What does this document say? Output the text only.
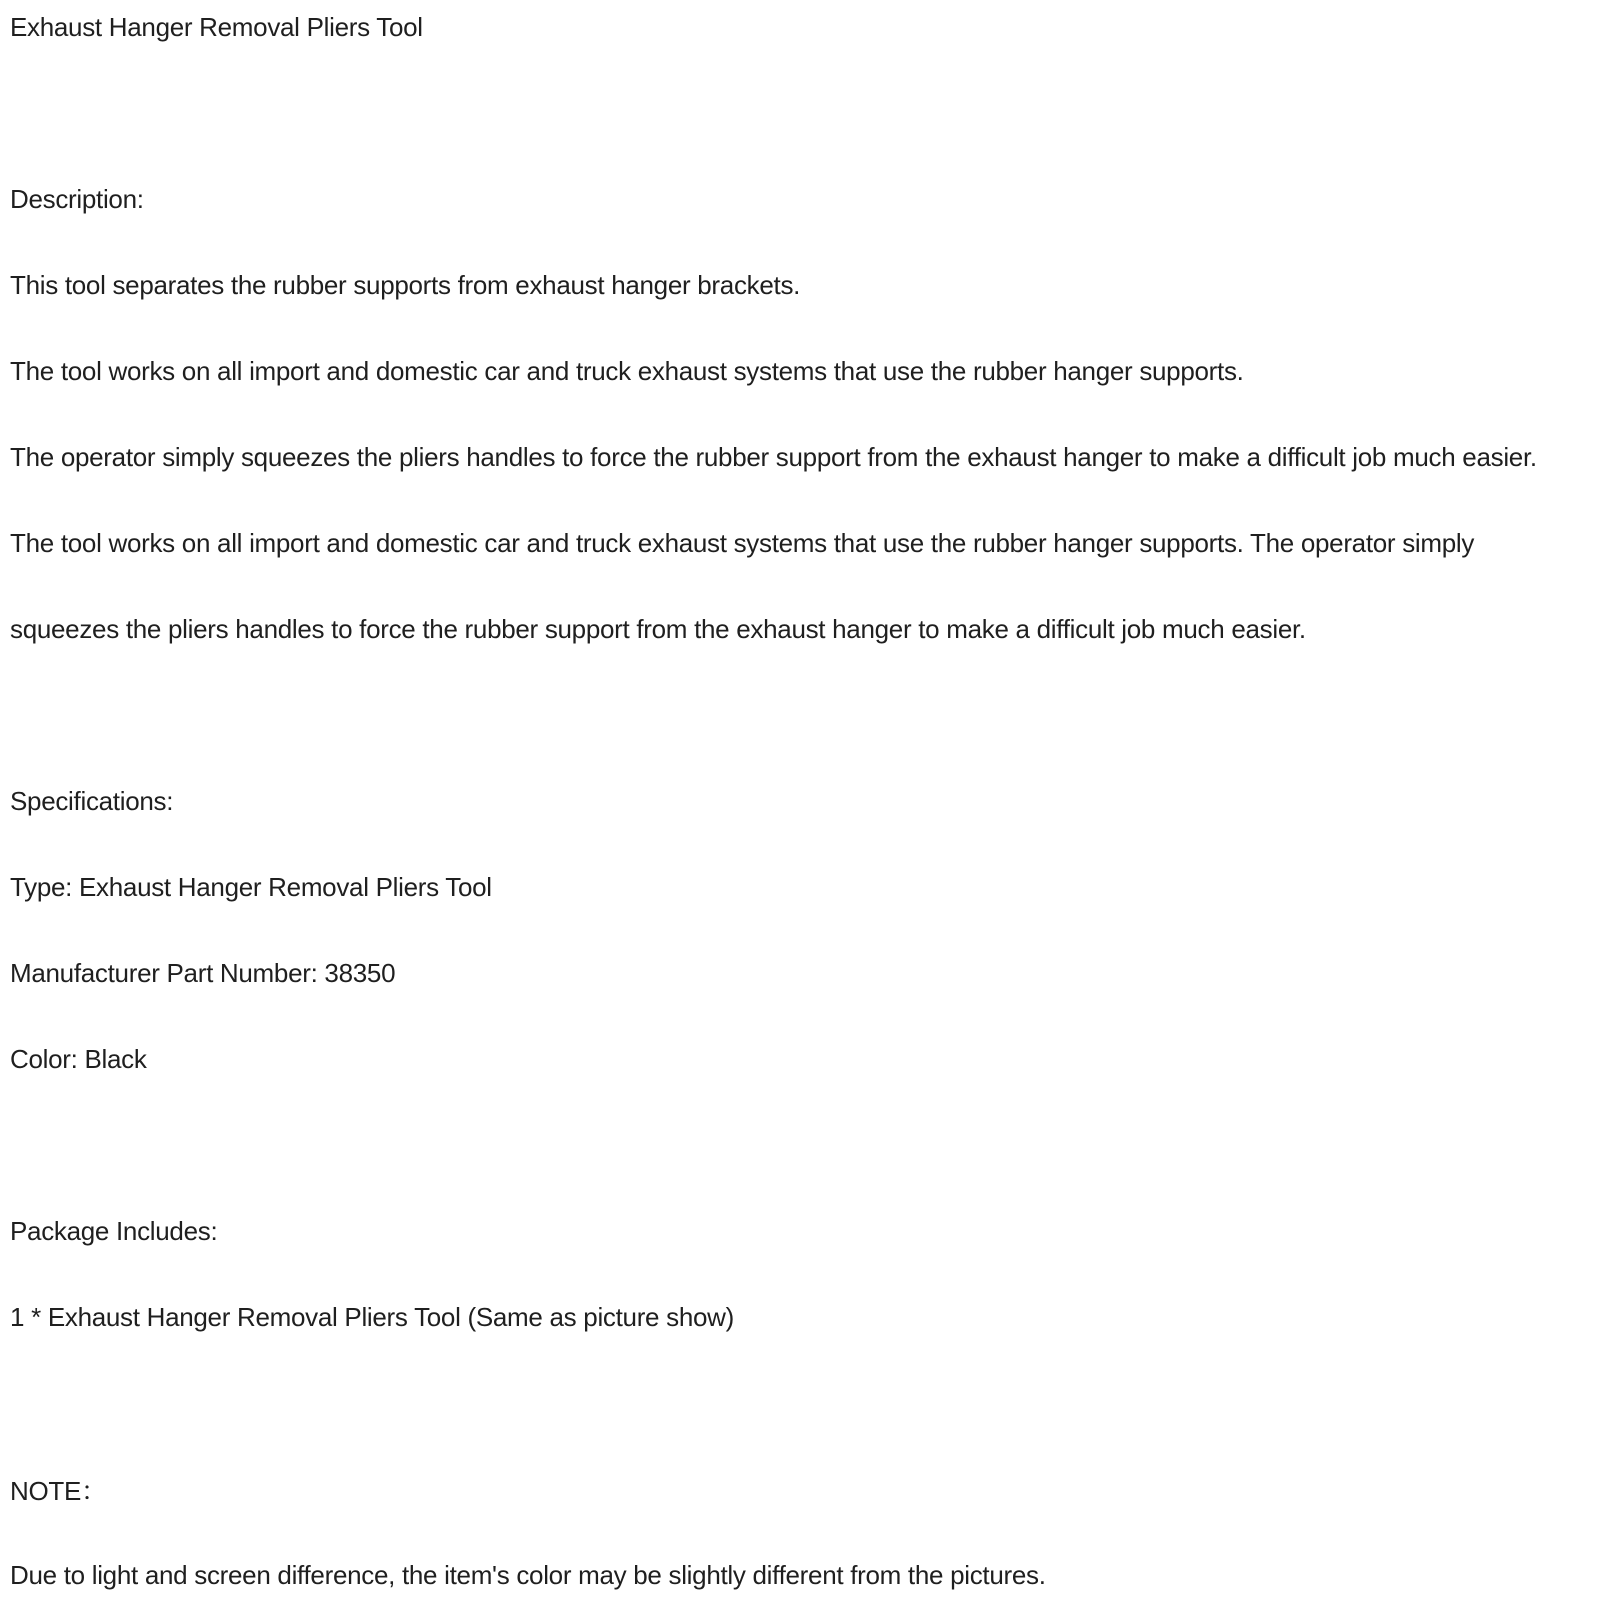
Exhaust Hanger Removal Pliers Tool
Description:
This tool separates the rubber supports from exhaust hanger brackets.
The tool works on all import and domestic car and truck exhaust systems that use the rubber hanger supports.
The operator simply squeezes the pliers handles to force the rubber support from the exhaust hanger to make a difficult job much easier.
The tool works on all import and domestic car and truck exhaust systems that use the rubber hanger supports. The operator simply
squeezes the pliers handles to force the rubber support from the exhaust hanger to make a difficult job much easier.
Specifications:
Type: Exhaust Hanger Removal Pliers Tool
Manufacturer Part Number: 38350
Color: Black
Package Includes:
1 * Exhaust Hanger Removal Pliers Tool (Same as picture show)
NOTE：
Due to light and screen difference, the item's color may be slightly different from the pictures.
